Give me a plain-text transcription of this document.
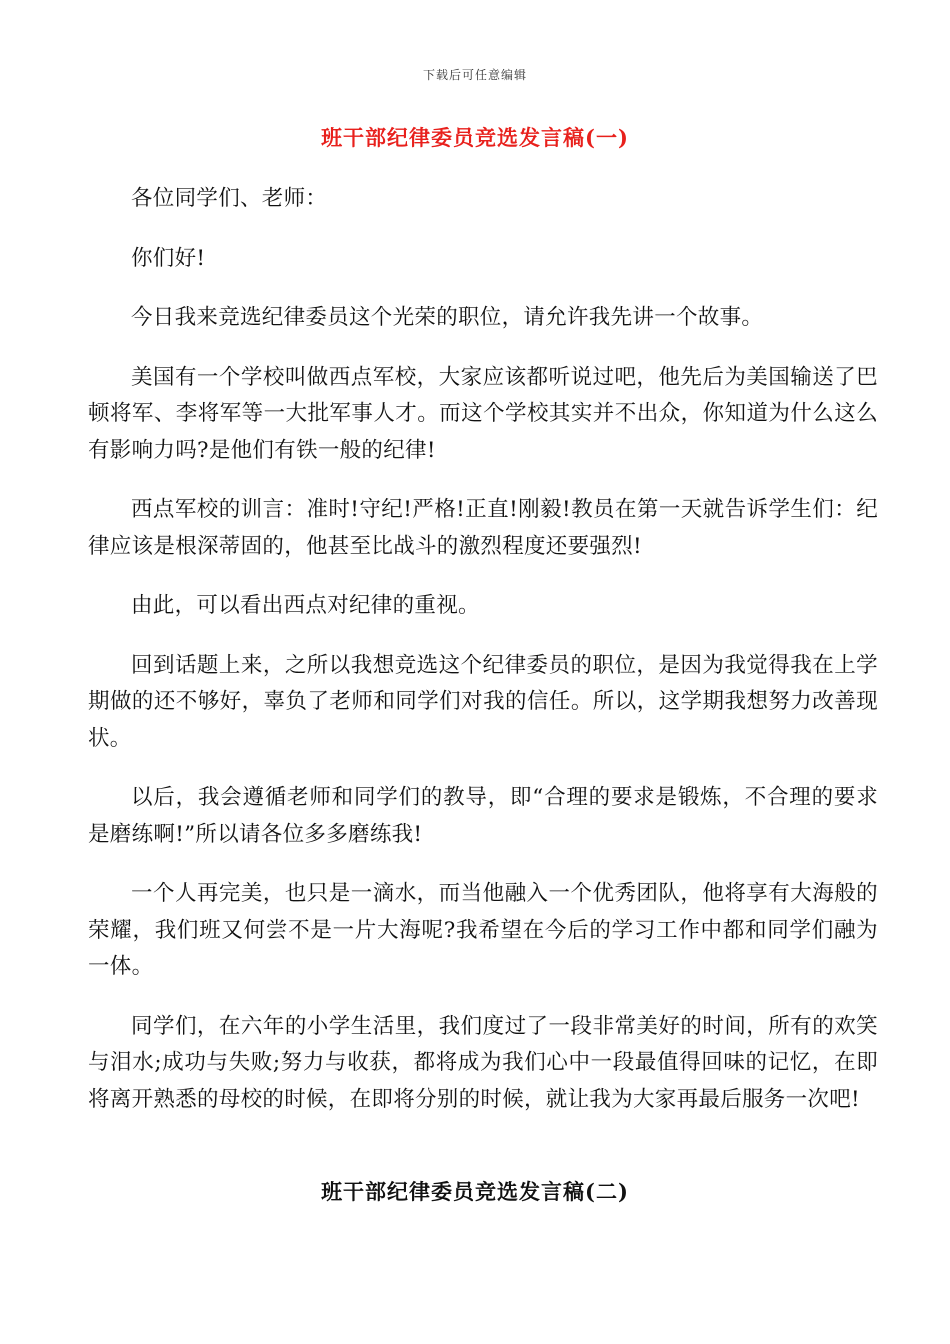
下载后可任意编辑
班干部纪律委员竞选发言稿(一)

各位同学们、老师：

你们好!

今日我来竞选纪律委员这个光荣的职位，请允许我先讲一个故事。

美国有一个学校叫做西点军校，大家应该都听说过吧，他先后为美国输送了巴顿将军、李将军等一大批军事人才。而这个学校其实并不出众，你知道为什么这么有影响力吗?是他们有铁一般的纪律!

西点军校的训言：准时!守纪!严格!正直!刚毅!教员在第一天就告诉学生们：纪律应该是根深蒂固的，他甚至比战斗的激烈程度还要强烈!

由此，可以看出西点对纪律的重视。

回到话题上来，之所以我想竞选这个纪律委员的职位，是因为我觉得我在上学期做的还不够好，辜负了老师和同学们对我的信任。所以，这学期我想努力改善现状。

以后，我会遵循老师和同学们的教导，即“合理的要求是锻炼，不合理的要求是磨练啊!”所以请各位多多磨练我!

一个人再完美，也只是一滴水，而当他融入一个优秀团队，他将享有大海般的荣耀，我们班又何尝不是一片大海呢?我希望在今后的学习工作中都和同学们融为一体。

同学们，在六年的小学生活里，我们度过了一段非常美好的时间，所有的欢笑与泪水;成功与失败;努力与收获，都将成为我们心中一段最值得回味的记忆，在即将离开熟悉的母校的时候，在即将分别的时候，就让我为大家再最后服务一次吧!

班干部纪律委员竞选发言稿(二)
